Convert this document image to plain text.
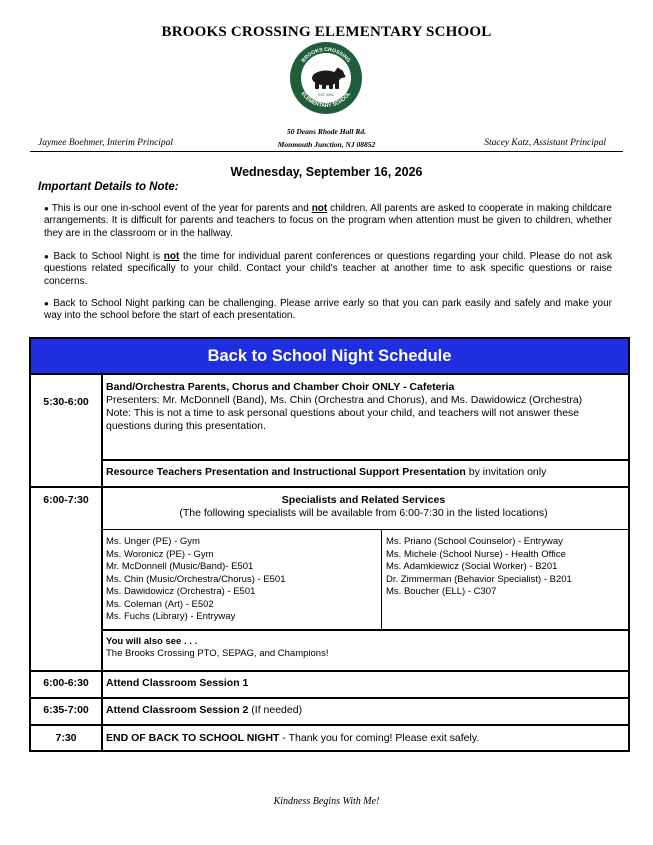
BROOKS CROSSING ELEMENTARY SCHOOL
BROOKS CROSSING
ELEMENTARY SCHOOL
EST. 2002
50 Deans Rhode Hall Rd.
Monmouth Junction, NJ 08852
Jaymee Boehmer, Interim Principal	Stacey Katz, Assistant Principal
Wednesday, September 16, 2026
Important Details to Note:
● This is our one in-school event of the year for parents and not children. All parents are asked to cooperate in making childcare arrangements. It is difficult for parents and teachers to focus on the program when attention must be given to children, whether they are in the classroom or in the hallway.
● Back to School Night is not the time for individual parent conferences or questions regarding your child. Please do not ask questions related specifically to your child. Contact your child's teacher at another time to ask specific questions or raise concerns.
● Back to School Night parking can be challenging. Please arrive early so that you can park easily and safely and make your way into the school before the start of each presentation.
Back to School Night Schedule
5:30-6:00
Band/Orchestra Parents, Chorus and Chamber Choir ONLY - Cafeteria
Presenters: Mr. McDonnell (Band), Ms. Chin (Orchestra and Chorus), and Ms. Dawidowicz (Orchestra)
Note: This is not a time to ask personal questions about your child, and teachers will not answer these questions during this presentation.
Resource Teachers Presentation and Instructional Support Presentation by invitation only
6:00-7:30	Specialists and Related Services
(The following specialists will be available from 6:00-7:30 in the listed locations)
Ms. Unger (PE) - Gym
Ms. Woronicz (PE) - Gym
Mr. McDonnell (Music/Band)- E501
Ms. Chin (Music/Orchestra/Chorus) - E501
Ms. Dawidowicz (Orchestra) - E501
Ms. Coleman (Art) - E502
Ms. Fuchs (Library) - Entryway
Ms. Priano (School Counselor) - Entryway
Ms. Michele (School Nurse) - Health Office
Ms. Adamkiewicz (Social Worker) - B201
Dr. Zimmerman (Behavior Specialist) - B201
Ms. Boucher (ELL) - C307
You will also see . . .
The Brooks Crossing PTO, SEPAG, and Champions!
6:00-6:30	Attend Classroom Session 1
6:35-7:00	Attend Classroom Session 2 (If needed)
7:30	END OF BACK TO SCHOOL NIGHT - Thank you for coming! Please exit safely.
Kindness Begins With Me!
